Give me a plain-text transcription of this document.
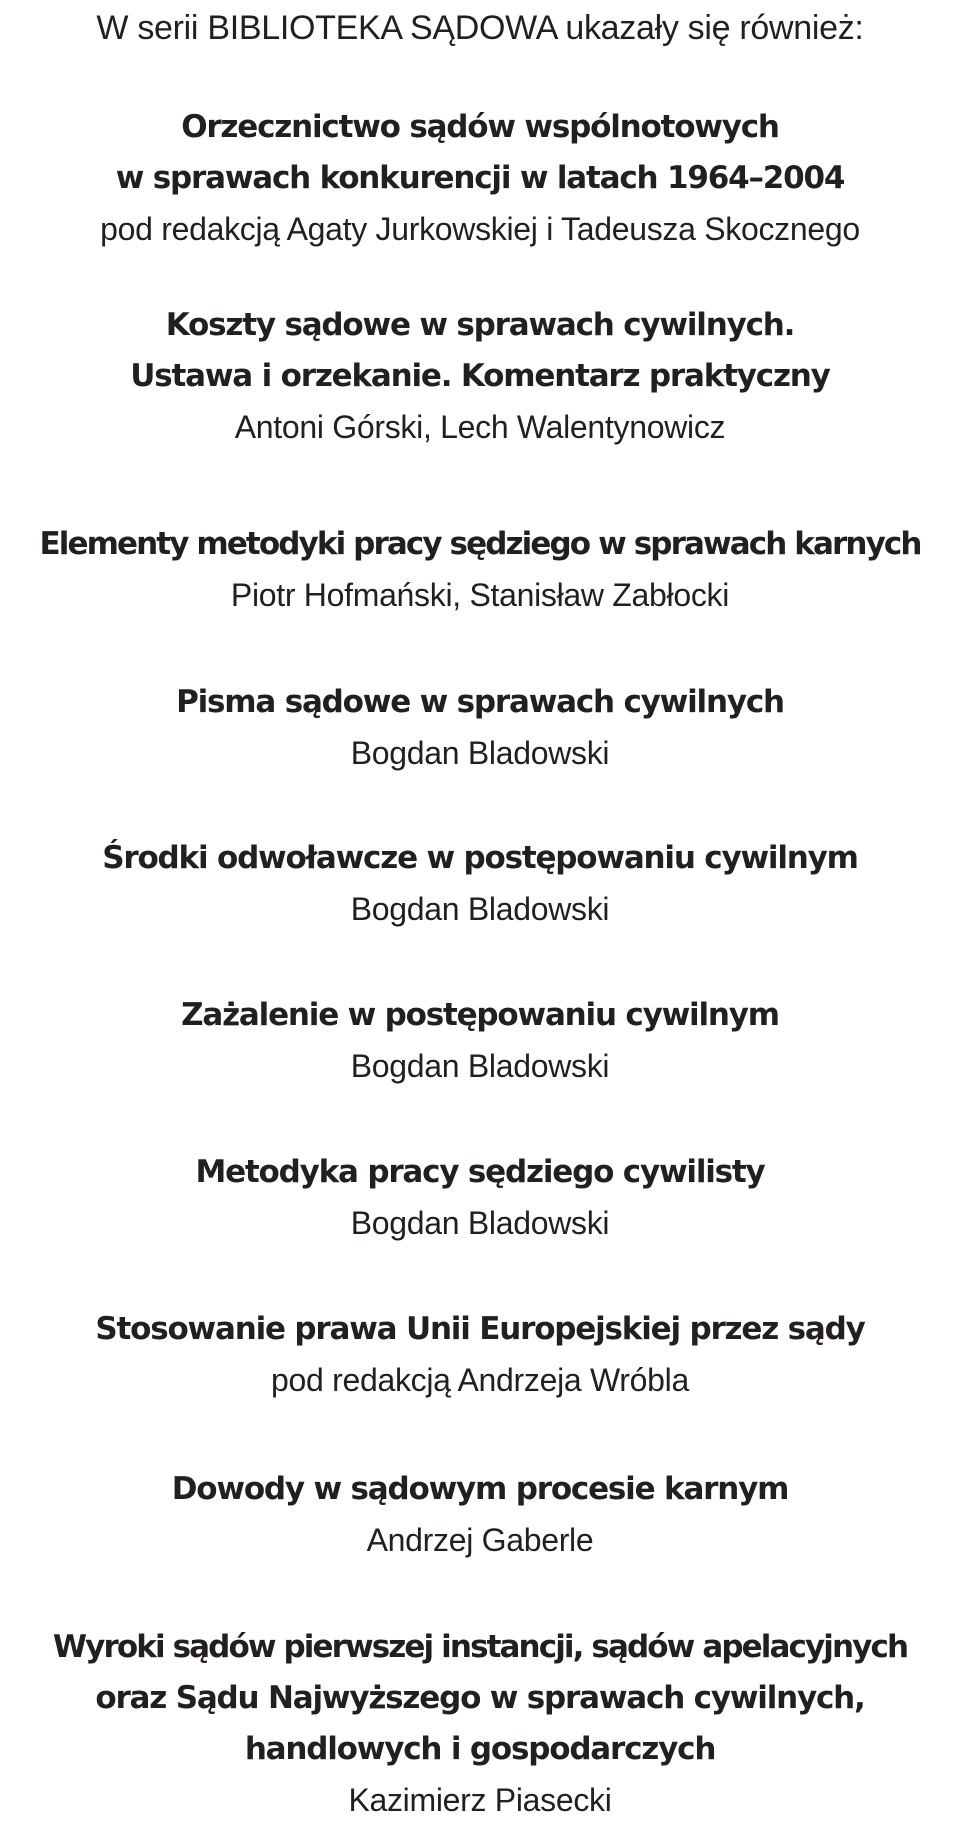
W serii BIBLIOTEKA SĄDOWA ukazały się również:
Orzecznictwo sądów wspólnotowych
w sprawach konkurencji w latach 1964–2004
pod redakcją Agaty Jurkowskiej i Tadeusza Skocznego
Koszty sądowe w sprawach cywilnych.
Ustawa i orzekanie. Komentarz praktyczny
Antoni Górski, Lech Walentynowicz
Elementy metodyki pracy sędziego w sprawach karnych
Piotr Hofmański, Stanisław Zabłocki
Pisma sądowe w sprawach cywilnych
Bogdan Bladowski
Środki odwoławcze w postępowaniu cywilnym
Bogdan Bladowski
Zażalenie w postępowaniu cywilnym
Bogdan Bladowski
Metodyka pracy sędziego cywilisty
Bogdan Bladowski
Stosowanie prawa Unii Europejskiej przez sądy
pod redakcją Andrzeja Wróbla
Dowody w sądowym procesie karnym
Andrzej Gaberle
Wyroki sądów pierwszej instancji, sądów apelacyjnych
oraz Sądu Najwyższego w sprawach cywilnych,
handlowych i gospodarczych
Kazimierz Piasecki
